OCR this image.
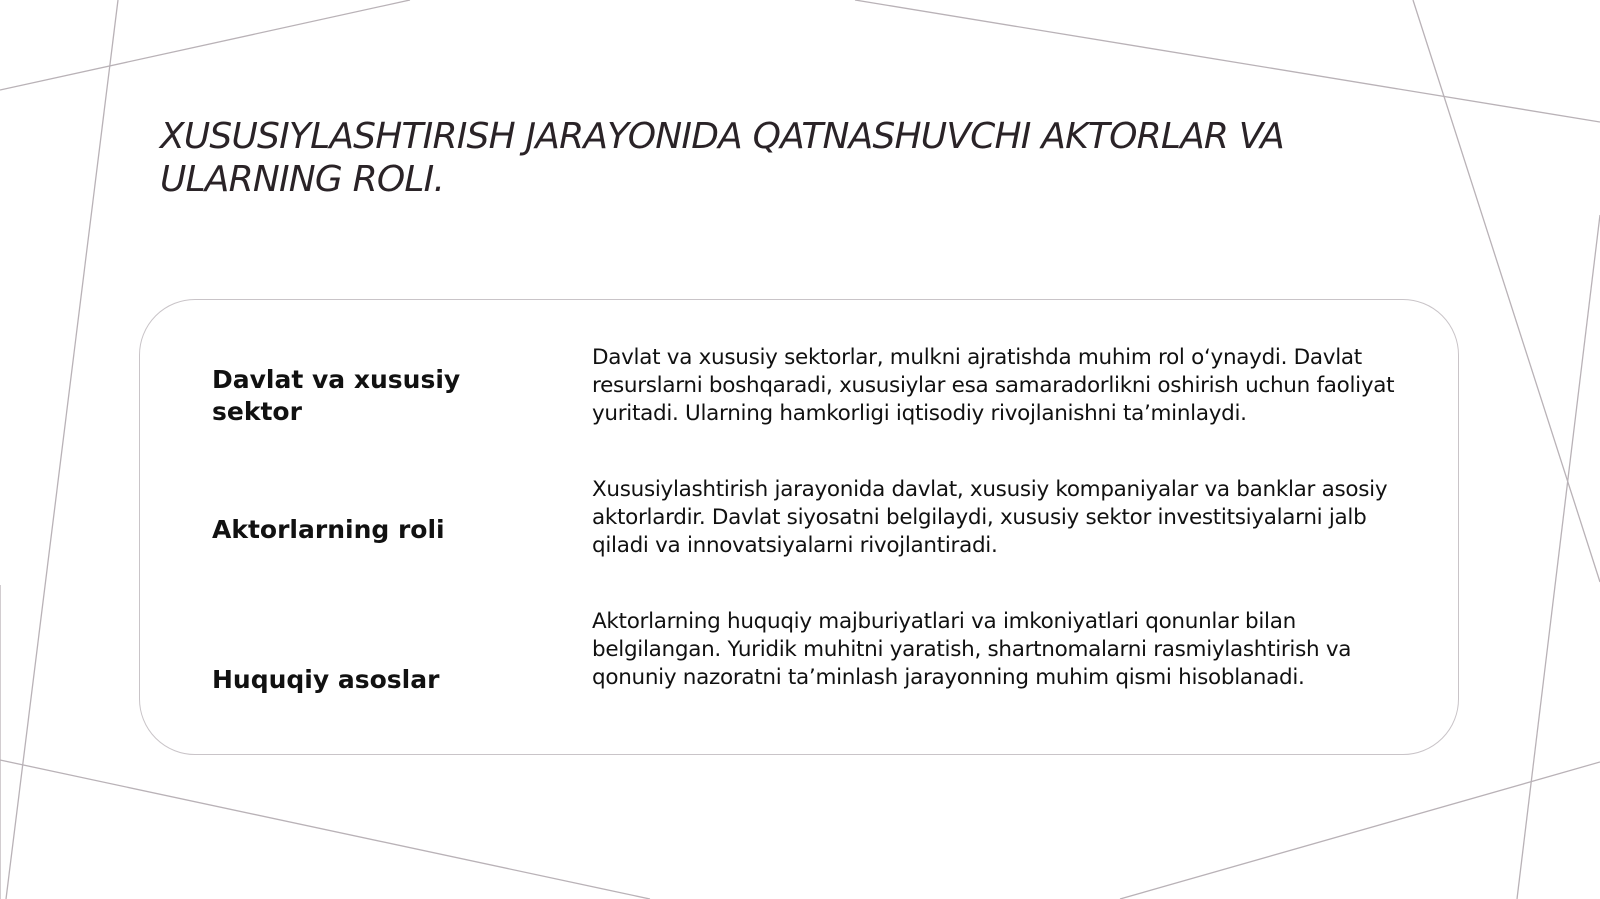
XUSUSIYLASHTIRISH JARAYONIDA QATNASHUVCHI AKTORLAR VA ULARNING ROLI.
Davlat va xususiy sektor
Davlat va xususiy sektorlar, mulkni ajratishda muhim rol o‘ynaydi. Davlat resurslarni boshqaradi, xususiylar esa samaradorlikni oshirish uchun faoliyat yuritadi. Ularning hamkorligi iqtisodiy rivojlanishni ta’minlaydi.
Aktorlarning roli
Xususiylashtirish jarayonida davlat, xususiy kompaniyalar va banklar asosiy aktorlardir. Davlat siyosatni belgilaydi, xususiy sektor investitsiyalarni jalb qiladi va innovatsiyalarni rivojlantiradi.
Huquqiy asoslar
Aktorlarning huquqiy majburiyatlari va imkoniyatlari qonunlar bilan belgilangan. Yuridik muhitni yaratish, shartnomalarni rasmiylashtirish va qonuniy nazoratni ta’minlash jarayonning muhim qismi hisoblanadi.
